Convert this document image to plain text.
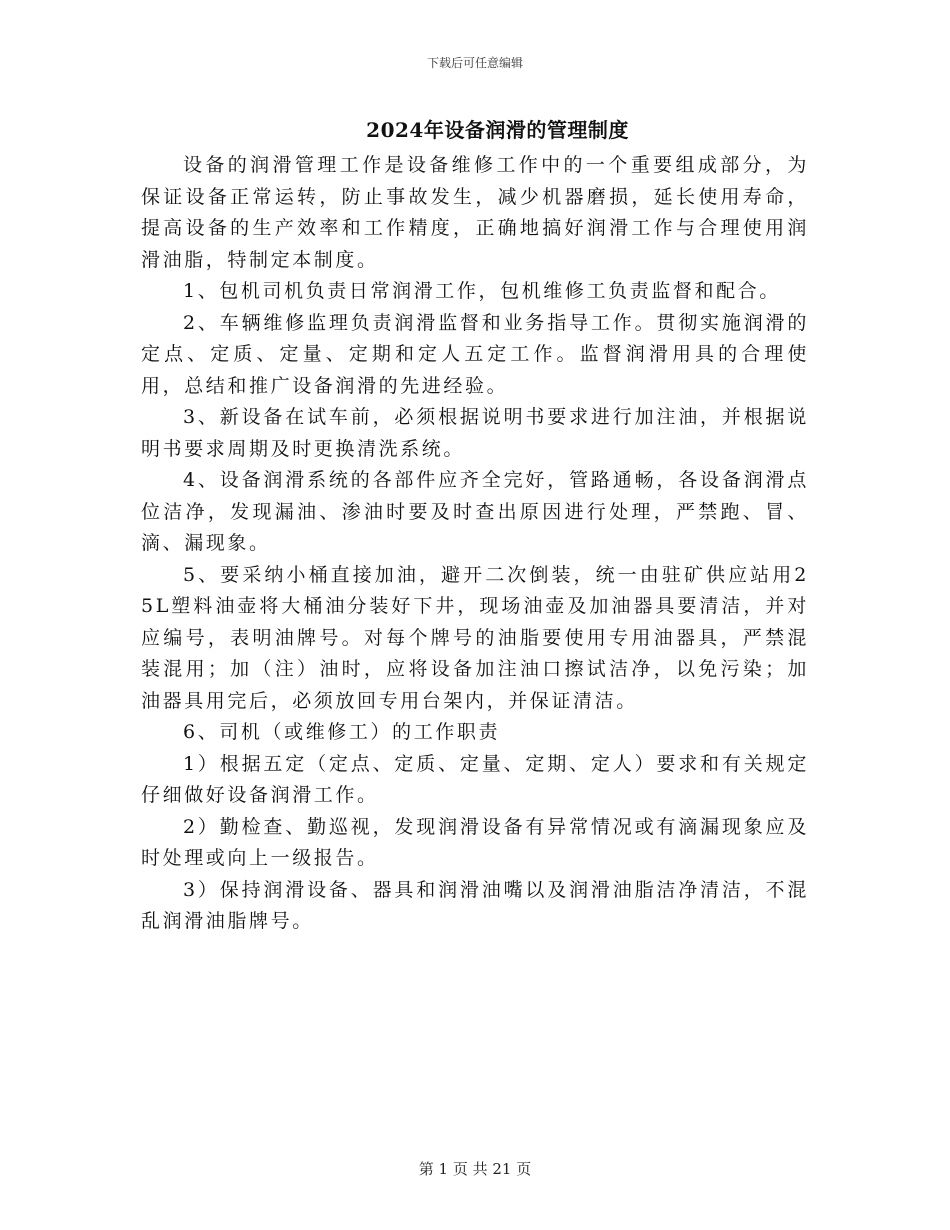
下载后可任意编辑
2024年设备润滑的管理制度

设备的润滑管理工作是设备维修工作中的一个重要组成部分，为保证设备正常运转，防止事故发生，减少机器磨损，延长使用寿命，提高设备的生产效率和工作精度，正确地搞好润滑工作与合理使用润滑油脂，特制定本制度。

1、包机司机负责日常润滑工作，包机维修工负责监督和配合。

2、车辆维修监理负责润滑监督和业务指导工作。贯彻实施润滑的定点、定质、定量、定期和定人五定工作。监督润滑用具的合理使用，总结和推广设备润滑的先进经验。

3、新设备在试车前，必须根据说明书要求进行加注油，并根据说明书要求周期及时更换清洗系统。

4、设备润滑系统的各部件应齐全完好，管路通畅，各设备润滑点位洁净，发现漏油、渗油时要及时查出原因进行处理，严禁跑、冒、滴、漏现象。

5、要采纳小桶直接加油，避开二次倒装，统一由驻矿供应站用25L塑料油壶将大桶油分装好下井，现场油壶及加油器具要清洁，并对应编号，表明油牌号。对每个牌号的油脂要使用专用油器具，严禁混装混用；加（注）油时，应将设备加注油口擦试洁净，以免污染；加油器具用完后，必须放回专用台架内，并保证清洁。

6、司机（或维修工）的工作职责

1）根据五定（定点、定质、定量、定期、定人）要求和有关规定仔细做好设备润滑工作。

2）勤检查、勤巡视，发现润滑设备有异常情况或有滴漏现象应及时处理或向上一级报告。

3）保持润滑设备、器具和润滑油嘴以及润滑油脂洁净清洁，不混乱润滑油脂牌号。

第 1 页 共 21 页
